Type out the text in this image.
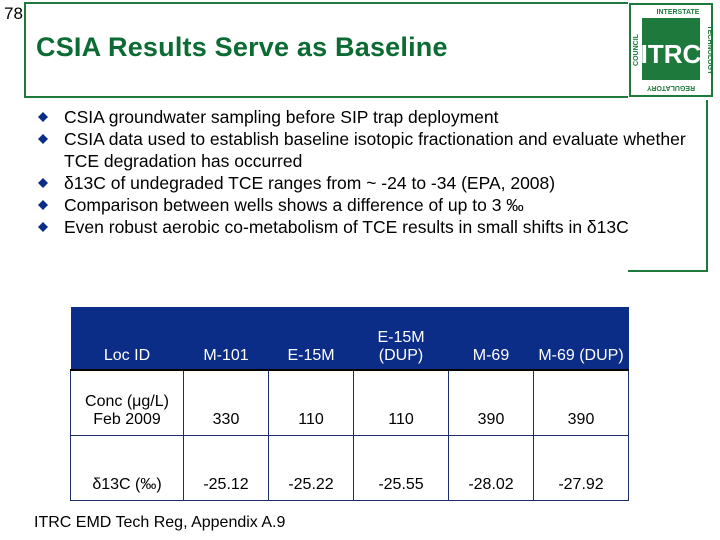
78
CSIA Results Serve as Baseline	ITRC
INTERSTATE
REGULATORY
TECHNOLOGY
COUNCIL
CSIA groundwater sampling before SIP trap deployment
CSIA data used to establish baseline isotopic fractionation and evaluate whether TCE degradation has occurred
δ13C of undegraded TCE ranges from ~ -24 to -34 (EPA, 2008)
Comparison between wells shows a difference of up to 3 ‰
Even robust aerobic co-metabolism of TCE results in small shifts in δ13C
Loc ID	M-101	E-15M	E-15M (DUP)	M-69	M-69 (DUP)
Conc (μg/L) Feb 2009	330	110	110	390	390
δ13C (‰)	-25.12	-25.22	-25.55	-28.02	-27.92
ITRC EMD Tech Reg, Appendix A.9
